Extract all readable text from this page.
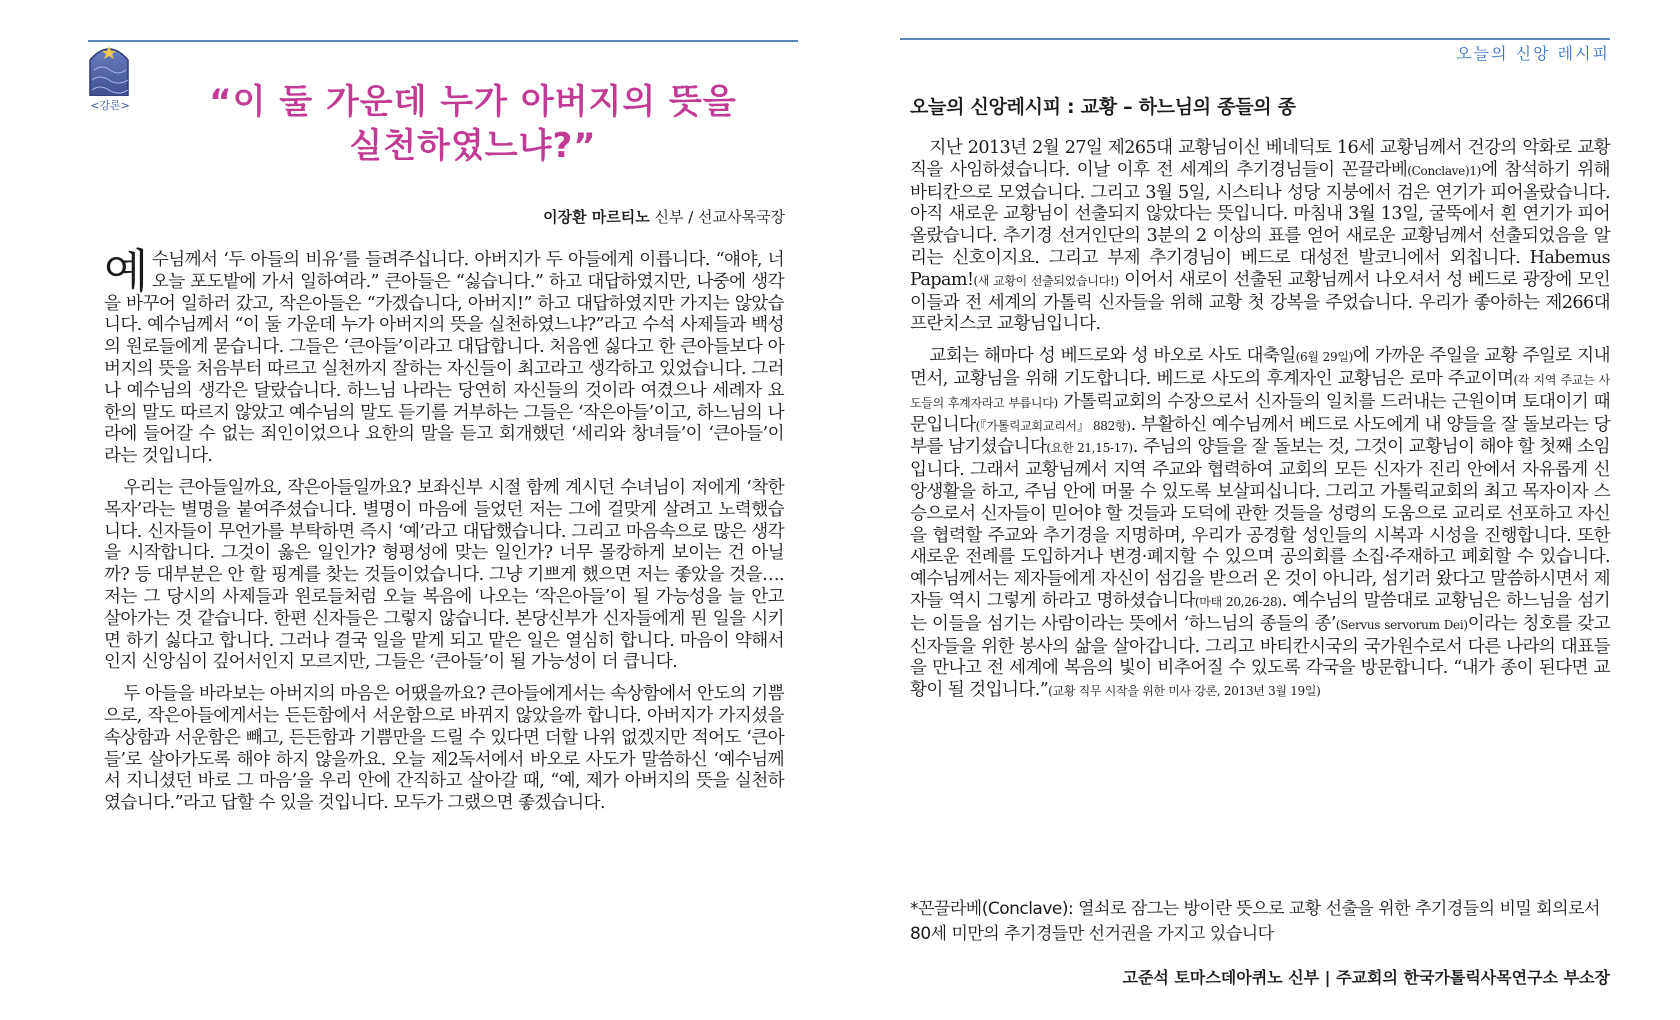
<강론>	“이 둘 가운데 누가 아버지의 뜻을
실천하였느냐?”
이장환 마르티노 신부 / 선교사목국장

예수님께서 ‘두 아들의 비유’를 들려주십니다. 아버지가 두 아들에게 이릅니다. “얘야, 너 오늘 포도밭에 가서 일하여라.” 큰아들은 “싫습니다.” 하고 대답하였지만, 나중에 생각을 바꾸어 일하러 갔고, 작은아들은 “가겠습니다, 아버지!” 하고 대답하였지만 가지는 않았습니다. 예수님께서 “이 둘 가운데 누가 아버지의 뜻을 실천하였느냐?”라고 수석 사제들과 백성의 원로들에게 묻습니다. 그들은 ‘큰아들’이라고 대답합니다. 처음엔 싫다고 한 큰아들보다 아버지의 뜻을 처음부터 따르고 실천까지 잘하는 자신들이 최고라고 생각하고 있었습니다. 그러나 예수님의 생각은 달랐습니다. 하느님 나라는 당연히 자신들의 것이라 여겼으나 세례자 요한의 말도 따르지 않았고 예수님의 말도 듣기를 거부하는 그들은 ‘작은아들’이고, 하느님의 나라에 들어갈 수 없는 죄인이었으나 요한의 말을 듣고 회개했던 ‘세리와 창녀들’이 ‘큰아들’이라는 것입니다.

우리는 큰아들일까요, 작은아들일까요? 보좌신부 시절 함께 계시던 수녀님이 저에게 ‘착한 목자’라는 별명을 붙여주셨습니다. 별명이 마음에 들었던 저는 그에 걸맞게 살려고 노력했습니다. 신자들이 무언가를 부탁하면 즉시 ‘예’라고 대답했습니다. 그리고 마음속으로 많은 생각을 시작합니다. 그것이 옳은 일인가? 형평성에 맞는 일인가? 너무 몰캉하게 보이는 건 아닐까? 등 대부분은 안 할 핑계를 찾는 것들이었습니다. 그냥 기쁘게 했으면 저는 좋았을 것을…. 저는 그 당시의 사제들과 원로들처럼 오늘 복음에 나오는 ‘작은아들’이 될 가능성을 늘 안고 살아가는 것 같습니다. 한편 신자들은 그렇지 않습니다. 본당신부가 신자들에게 뭔 일을 시키면 하기 싫다고 합니다. 그러나 결국 일을 맡게 되고 맡은 일은 열심히 합니다. 마음이 약해서인지 신앙심이 깊어서인지 모르지만, 그들은 ‘큰아들’이 될 가능성이 더 큽니다.

두 아들을 바라보는 아버지의 마음은 어땠을까요? 큰아들에게서는 속상함에서 안도의 기쁨으로, 작은아들에게서는 든든함에서 서운함으로 바뀌지 않았을까 합니다. 아버지가 가지셨을 속상함과 서운함은 빼고, 든든함과 기쁨만을 드릴 수 있다면 더할 나위 없겠지만 적어도 ‘큰아들’로 살아가도록 해야 하지 않을까요. 오늘 제2독서에서 바오로 사도가 말씀하신 ‘예수님께서 지니셨던 바로 그 마음’을 우리 안에 간직하고 살아갈 때, “예, 제가 아버지의 뜻을 실천하였습니다.”라고 답할 수 있을 것입니다. 모두가 그랬으면 좋겠습니다.

오늘의 신앙 레시피
오늘의 신앙레시피 : 교황 – 하느님의 종들의 종

지난 2013년 2월 27일 제265대 교황님이신 베네딕토 16세 교황님께서 건강의 악화로 교황직을 사임하셨습니다. 이날 이후 전 세계의 추기경님들이 꼰끌라베(Conclave)1)에 참석하기 위해 바티칸으로 모였습니다. 그리고 3월 5일, 시스티나 성당 지붕에서 검은 연기가 피어올랐습니다. 아직 새로운 교황님이 선출되지 않았다는 뜻입니다. 마침내 3월 13일, 굴뚝에서 흰 연기가 피어올랐습니다. 추기경 선거인단의 3분의 2 이상의 표를 얻어 새로운 교황님께서 선출되었음을 알리는 신호이지요. 그리고 부제 추기경님이 베드로 대성전 발코니에서 외칩니다. Habemus Papam!(새 교황이 선출되었습니다!) 이어서 새로이 선출된 교황님께서 나오셔서 성 베드로 광장에 모인 이들과 전 세계의 가톨릭 신자들을 위해 교황 첫 강복을 주었습니다. 우리가 좋아하는 제266대 프란치스코 교황님입니다.

교회는 해마다 성 베드로와 성 바오로 사도 대축일(6월 29일)에 가까운 주일을 교황 주일로 지내면서, 교황님을 위해 기도합니다. 베드로 사도의 후계자인 교황님은 로마 주교이며(각 지역 주교는 사도들의 후계자라고 부릅니다) 가톨릭교회의 수장으로서 신자들의 일치를 드러내는 근원이며 토대이기 때문입니다(『가톨릭교회교리서』 882항). 부활하신 예수님께서 베드로 사도에게 내 양들을 잘 돌보라는 당부를 남기셨습니다(요한 21,15-17). 주님의 양들을 잘 돌보는 것, 그것이 교황님이 해야 할 첫째 소임입니다. 그래서 교황님께서 지역 주교와 협력하여 교회의 모든 신자가 진리 안에서 자유롭게 신앙생활을 하고, 주님 안에 머물 수 있도록 보살피십니다. 그리고 가톨릭교회의 최고 목자이자 스승으로서 신자들이 믿어야 할 것들과 도덕에 관한 것들을 성령의 도움으로 교리로 선포하고 자신을 협력할 주교와 추기경을 지명하며, 우리가 공경할 성인들의 시복과 시성을 진행합니다. 또한 새로운 전례를 도입하거나 변경·폐지할 수 있으며 공의회를 소집·주재하고 폐회할 수 있습니다. 예수님께서는 제자들에게 자신이 섬김을 받으러 온 것이 아니라, 섬기러 왔다고 말씀하시면서 제자들 역시 그렇게 하라고 명하셨습니다(마태 20,26-28). 예수님의 말씀대로 교황님은 하느님을 섬기는 이들을 섬기는 사람이라는 뜻에서 ‘하느님의 종들의 종’(Servus servorum Dei)이라는 칭호를 갖고 신자들을 위한 봉사의 삶을 살아갑니다. 그리고 바티칸시국의 국가원수로서 다른 나라의 대표들을 만나고 전 세계에 복음의 빛이 비추어질 수 있도록 각국을 방문합니다. “내가 종이 된다면 교황이 될 것입니다.”(교황 직무 시작을 위한 미사 강론, 2013년 3월 19일)

*꼰끌라베(Conclave): 열쇠로 잠그는 방이란 뜻으로 교황 선출을 위한 추기경들의 비밀 회의로서 80세 미만의 추기경들만 선거권을 가지고 있습니다
고준석 토마스데아퀴노 신부 | 주교회의 한국가톨릭사목연구소 부소장
